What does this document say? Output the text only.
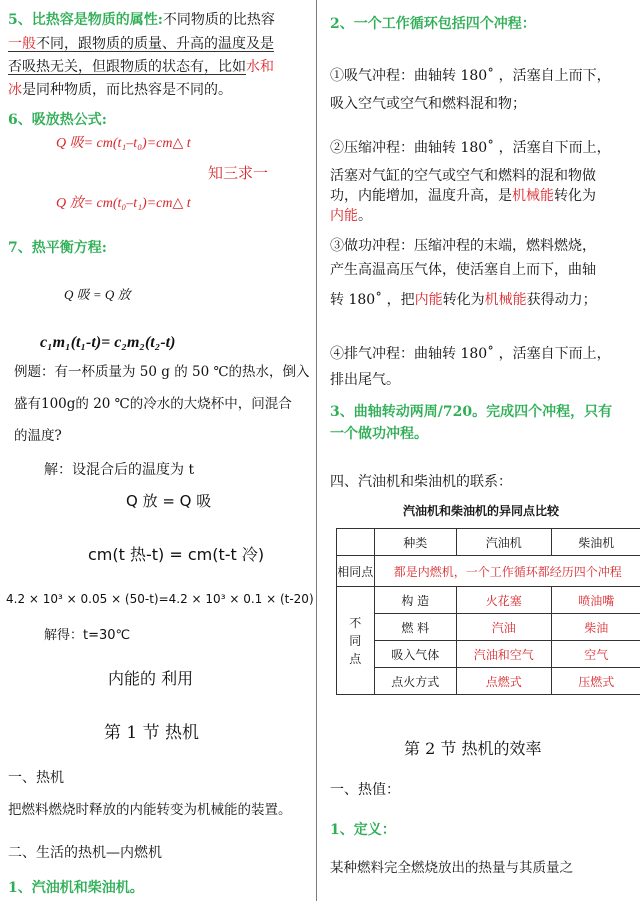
5、比热容是物质的属性:不同物质的比热容
一般不同，跟物质的质量、升高的温度及是
否吸热无关，但跟物质的状态有，比如水和
冰是同种物质，而比热容是不同的。
6、吸放热公式:
Q 吸= cm(t₁–t₀)=cm△ t
知三求一
Q 放= cm(t₀–t₁)=cm△ t
7、热平衡方程:
Q 吸 = Q 放
c₁m₁(t₁-t)= c₂m₂(t₂-t)
例题：有一杯质量为 50 g 的 50 ℃的热水，倒入
盛有100g的 20 ℃的冷水的大烧杯中，问混合
的温度?
解：设混合后的温度为 t
Q 放 = Q 吸
cm(t 热-t) = cm(t-t 冷)
4.2 × 10³ × 0.05 × (50-t)=4.2 × 10³ × 0.1 × (t-20)
解得：t=30℃
内能的 利用
第 1 节 热机
一、热机
把燃料燃烧时释放的内能转变为机械能的装置。
二、生活的热机—内燃机
1、汽油机和柴油机。
2、一个工作循环包括四个冲程：
①吸气冲程：曲轴转 180˚ ，活塞自上而下，
吸入空气或空气和燃料混和物；
②压缩冲程：曲轴转 180˚ ，活塞自下而上，
活塞对气缸的空气或空气和燃料的混和物做
功，内能增加，温度升高，是机械能转化为
内能。
③做功冲程：压缩冲程的末端，燃料燃烧，
产生高温高压气体，使活塞自上而下，曲轴
转 180˚ ，把内能转化为机械能获得动力；
④排气冲程：曲轴转 180˚ ，活塞自下而上，
排出尾气。
3、曲轴转动两周/720。完成四个冲程，只有
一个做功冲程。
四、汽油机和柴油机的联系：
汽油机和柴油机的异同点比较
	种类	汽油机	柴油机
相同点	都是内燃机，一个工作循环都经历四个冲程		
不
同
点	构 造	火花塞	喷油嘴
	燃 料	汽油	柴油
	吸入气体	汽油和空气	空气
	点火方式	点燃式	压燃式
第 2 节 热机的效率
一、热值：
1、定义：
某种燃料完全燃烧放出的热量与其质量之
